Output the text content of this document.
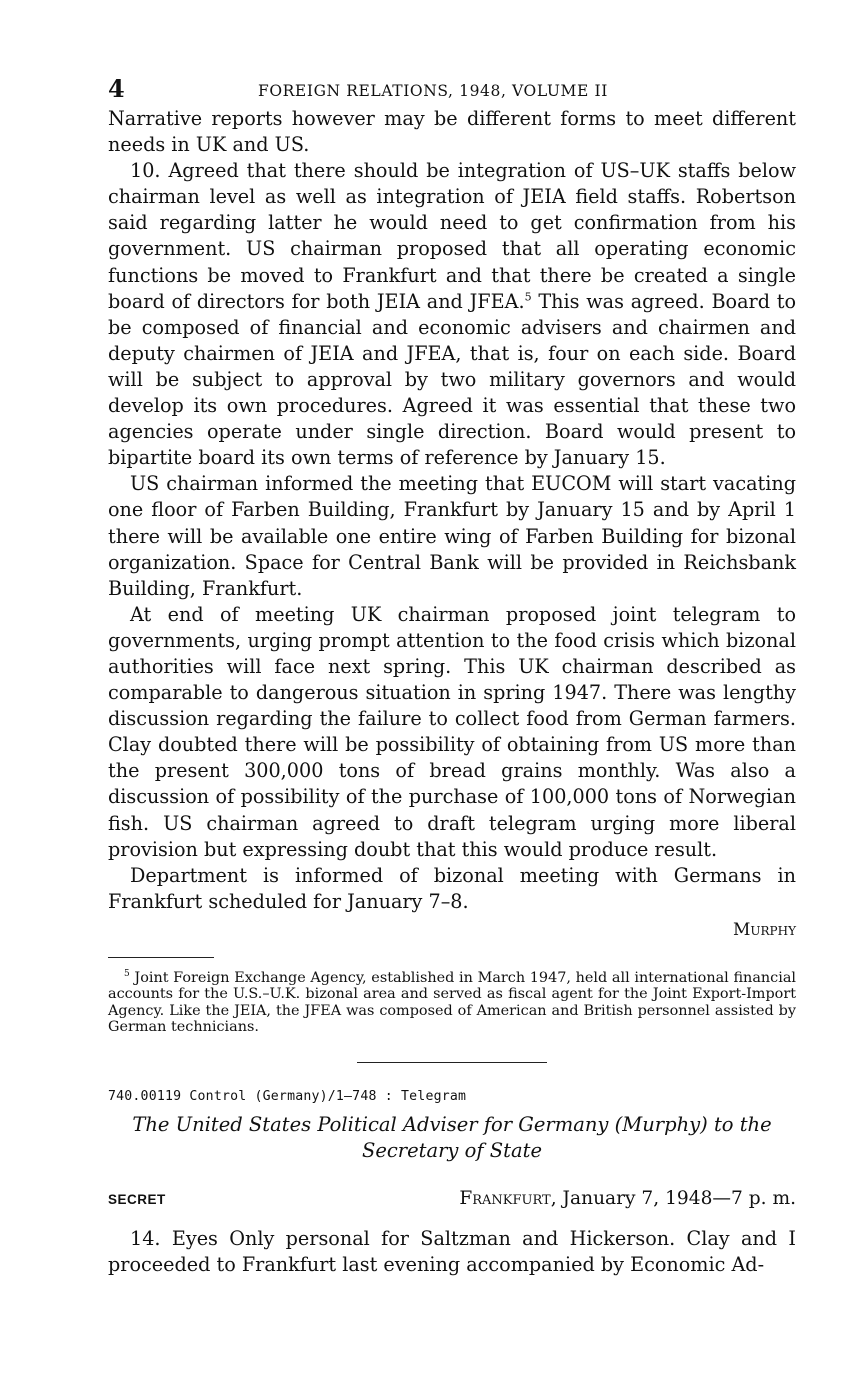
4	FOREIGN RELATIONS, 1948, VOLUME II

Narrative reports however may be different forms to meet different needs in UK and US.

10. Agreed that there should be integration of US–UK staffs below chairman level as well as integration of JEIA field staffs. Robertson said regarding latter he would need to get confirmation from his government. US chairman proposed that all operating economic functions be moved to Frankfurt and that there be created a single board of directors for both JEIA and JFEA.$^5$ This was agreed. Board to be composed of financial and economic advisers and chairmen and deputy chairmen of JEIA and JFEA, that is, four on each side. Board will be subject to approval by two military governors and would develop its own procedures. Agreed it was essential that these two agencies operate under single direction. Board would present to bipartite board its own terms of reference by January 15.

US chairman informed the meeting that EUCOM will start vacating one floor of Farben Building, Frankfurt by January 15 and by April 1 there will be available one entire wing of Farben Building for bizonal organization. Space for Central Bank will be provided in Reichsbank Building, Frankfurt.

At end of meeting UK chairman proposed joint telegram to governments, urging prompt attention to the food crisis which bizonal authorities will face next spring. This UK chairman described as comparable to dangerous situation in spring 1947. There was lengthy discussion regarding the failure to collect food from German farmers. Clay doubted there will be possibility of obtaining from US more than the present 300,000 tons of bread grains monthly. Was also a discussion of possibility of the purchase of 100,000 tons of Norwegian fish. US chairman agreed to draft telegram urging more liberal provision but expressing doubt that this would produce result.

Department is informed of bizonal meeting with Germans in Frankfurt scheduled for January 7–8.

Murphy
$^5$ Joint Foreign Exchange Agency, established in March 1947, held all international financial accounts for the U.S.–U.K. bizonal area and served as fiscal agent for the Joint Export-Import Agency. Like the JEIA, the JFEA was composed of American and British personnel assisted by German technicians.
740.00119 Control (Germany)/1–748 : Telegram
The United States Political Adviser for Germany (Murphy) to the
Secretary of State
SECRET	Frankfurt, January 7, 1948—7 p. m.

14. Eyes Only personal for Saltzman and Hickerson. Clay and I proceeded to Frankfurt last evening accompanied by Economic Ad-
